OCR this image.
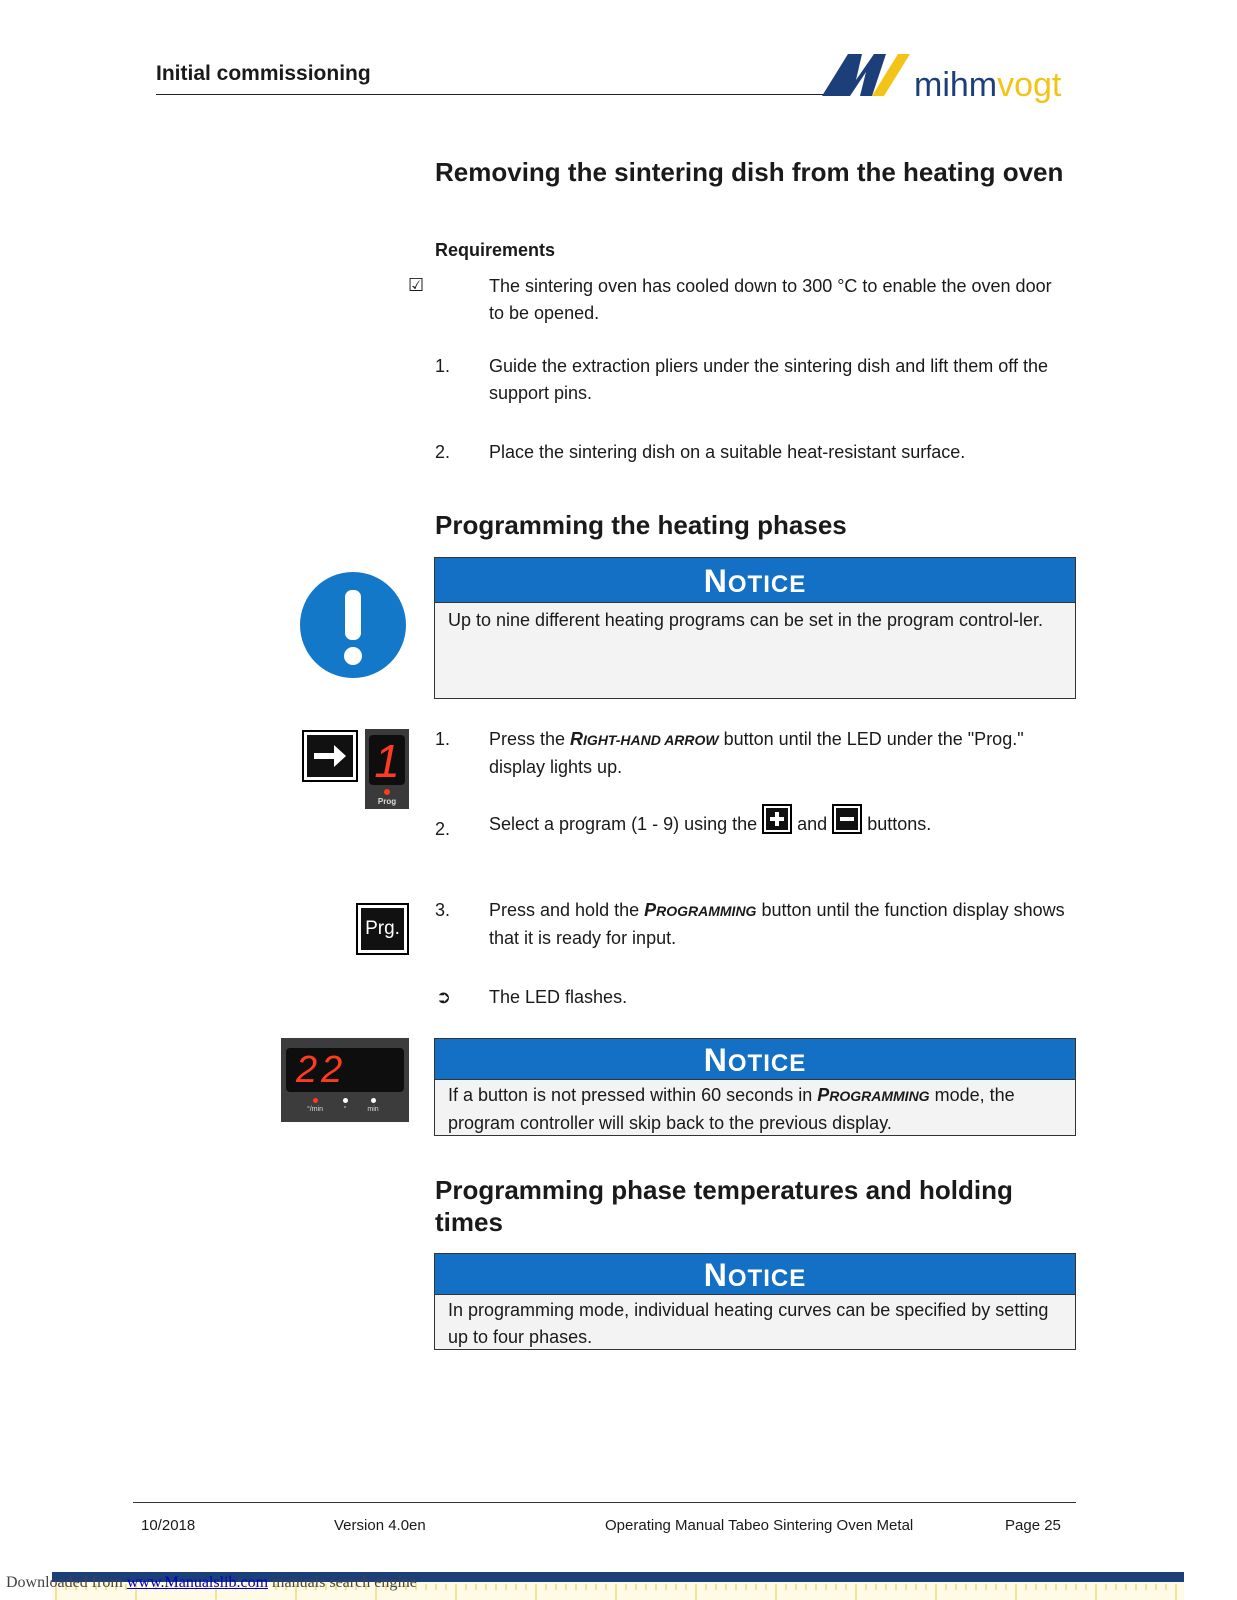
Initial commissioning	mihmvogt
Removing the sintering dish from the heating oven
Requirements
☑	The sintering oven has cooled down to 300 °C to enable the oven door to be opened.
1. Guide the extraction pliers under the sintering dish and lift them off the support pins.
2. Place the sintering dish on a suitable heat-resistant surface.
Programming the heating phases
NOTICE
Up to nine different heating programs can be set in the program control-ler.
1
Prog
1. Press the RIGHT-HAND ARROW button until the LED under the "Prog." display lights up.
2. Select a program (1 - 9) using the  and  buttons.
Prg.
3. Press and hold the PROGRAMMING button until the function display shows that it is ready for input.
➲ The LED flashes.
22
°/min	°	min
NOTICE
If a button is not pressed within 60 seconds in PROGRAMMING mode, the program controller will skip back to the previous display.
Programming phase temperatures and holding times
NOTICE
In programming mode, individual heating curves can be specified by setting up to four phases.
10/2018	Version 4.0en	Operating Manual Tabeo Sintering Oven Metal	Page 25
Downloaded from www.Manualslib.com manuals search engine
